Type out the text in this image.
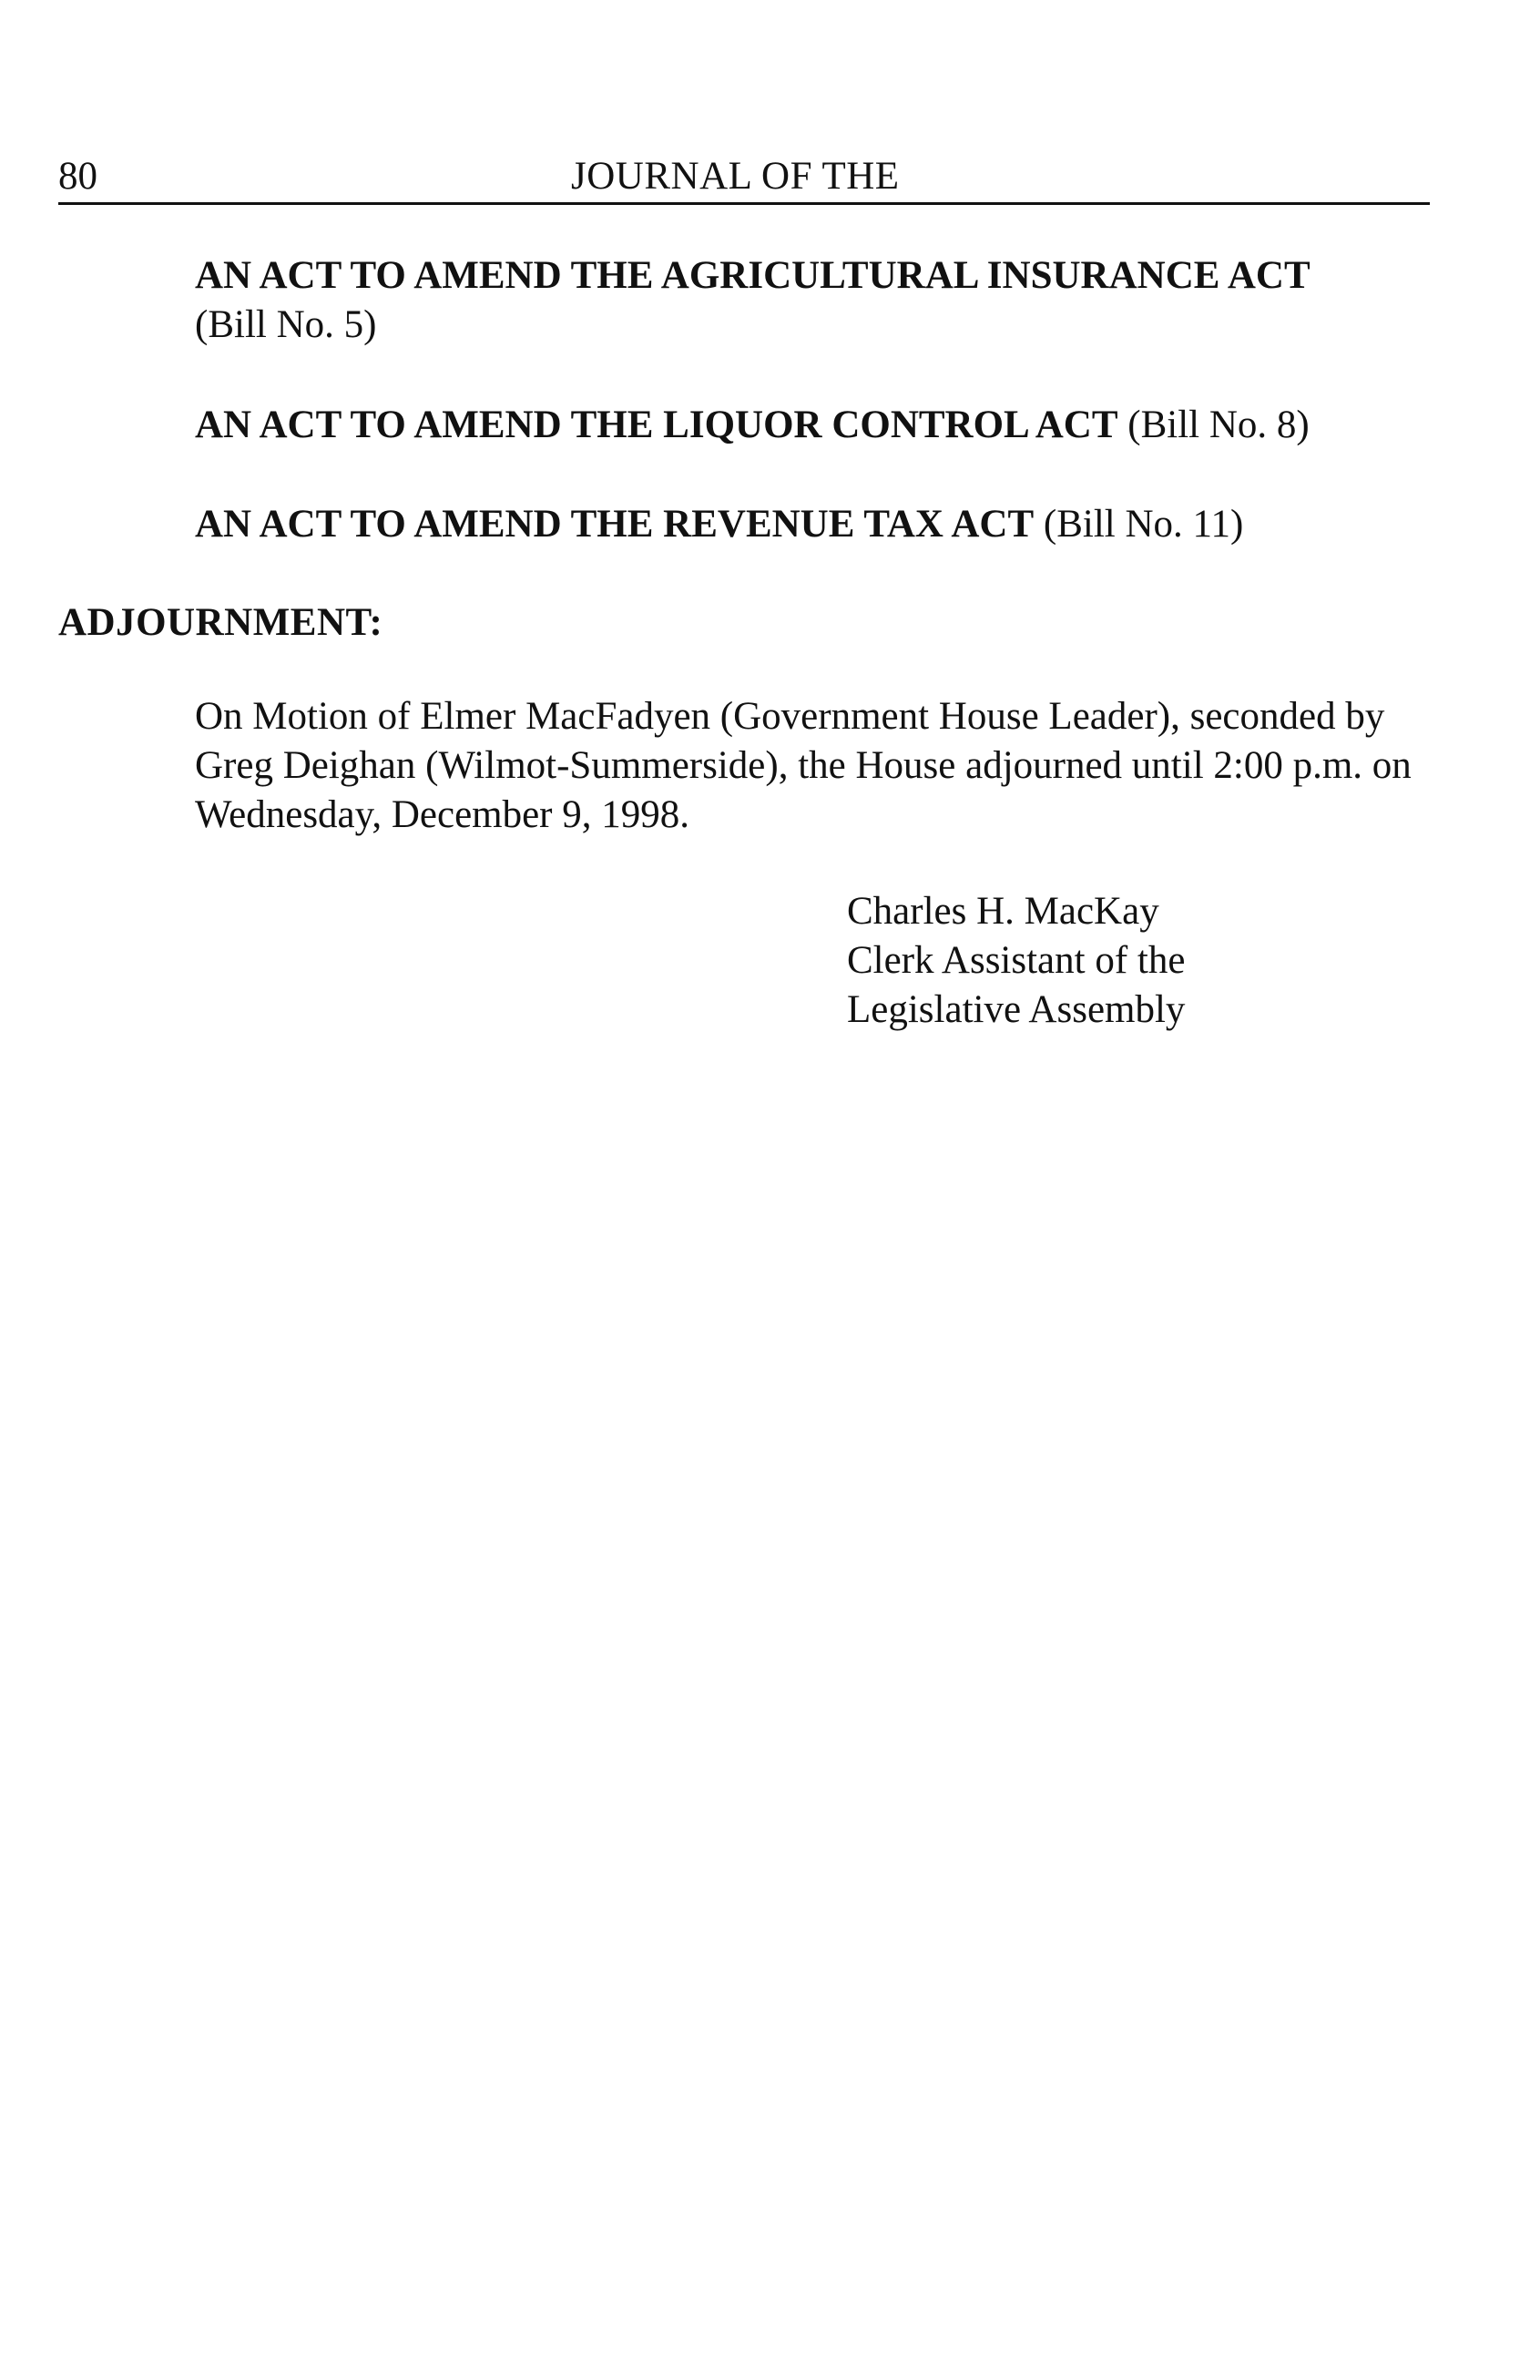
80	JOURNAL OF THE
AN ACT TO AMEND THE AGRICULTURAL INSURANCE ACT
(Bill No. 5)
AN ACT TO AMEND THE LIQUOR CONTROL ACT (Bill No. 8)
AN ACT TO AMEND THE REVENUE TAX ACT (Bill No. 11)
ADJOURNMENT:
On Motion of Elmer MacFadyen (Government House Leader), seconded by Greg Deighan (Wilmot-Summerside), the House adjourned until 2:00 p.m. on Wednesday, December 9, 1998.
Charles H. MacKay
Clerk Assistant of the
Legislative Assembly
